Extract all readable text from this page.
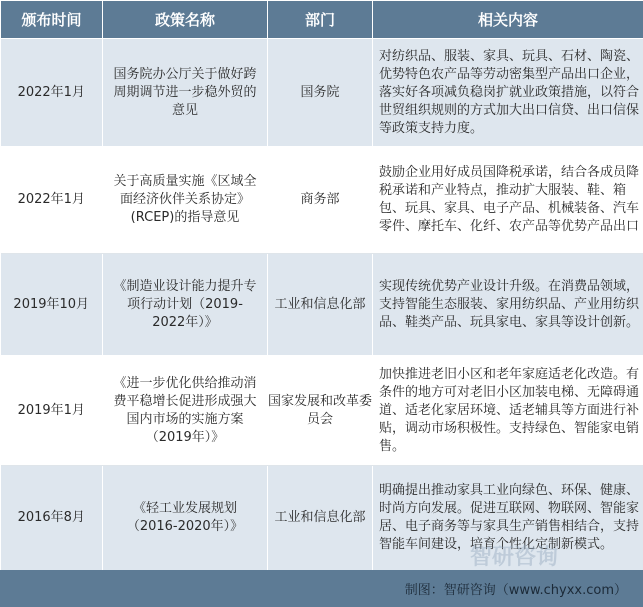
颁布时间	政策名称	部门	相关内容
2022年1月	国务院办公厅关于做好跨周期调节进一步稳外贸的意见	国务院	对纺织品、服装、家具、玩具、石材、陶瓷、优势特色农产品等劳动密集型产品出口企业，落实好各项减负稳岗扩就业政策措施，以符合世贸组织规则的方式加大出口信贷、出口信保等政策支持力度。
2022年1月	关于高质量实施《区域全面经济伙伴关系协定》(RCEP)的指导意见	商务部	鼓励企业用好成员国降税承诺，结合各成员降税承诺和产业特点，推动扩大服装、鞋、箱包、玩具、家具、电子产品、机械装备、汽车零件、摩托车、化纤、农产品等优势产品出口
2019年10月	《制造业设计能力提升专项行动计划（2019-2022年）》	工业和信息化部	实现传统优势产业设计升级。在消费品领域，支持智能生态服装、家用纺织品、产业用纺织品、鞋类产品、玩具家电、家具等设计创新。
2019年1月	《进一步优化供给推动消费平稳增长促进形成强大国内市场的实施方案（2019年）》	国家发展和改革委员会	加快推进老旧小区和老年家庭适老化改造。有条件的地方可对老旧小区加装电梯、无障碍通道、适老化家居环境、适老辅具等方面进行补贴，调动市场积极性。支持绿色、智能家电销售。
2016年8月	《轻工业发展规划（2016-2020年）》	工业和信息化部	明确提出推动家具工业向绿色、环保、健康、时尚方向发展。促进互联网、物联网、智能家居、电子商务等与家具生产销售相结合，支持智能车间建设，培育个性化定制新模式。
智研咨询
制图：智研咨询（www.chyxx.com）
